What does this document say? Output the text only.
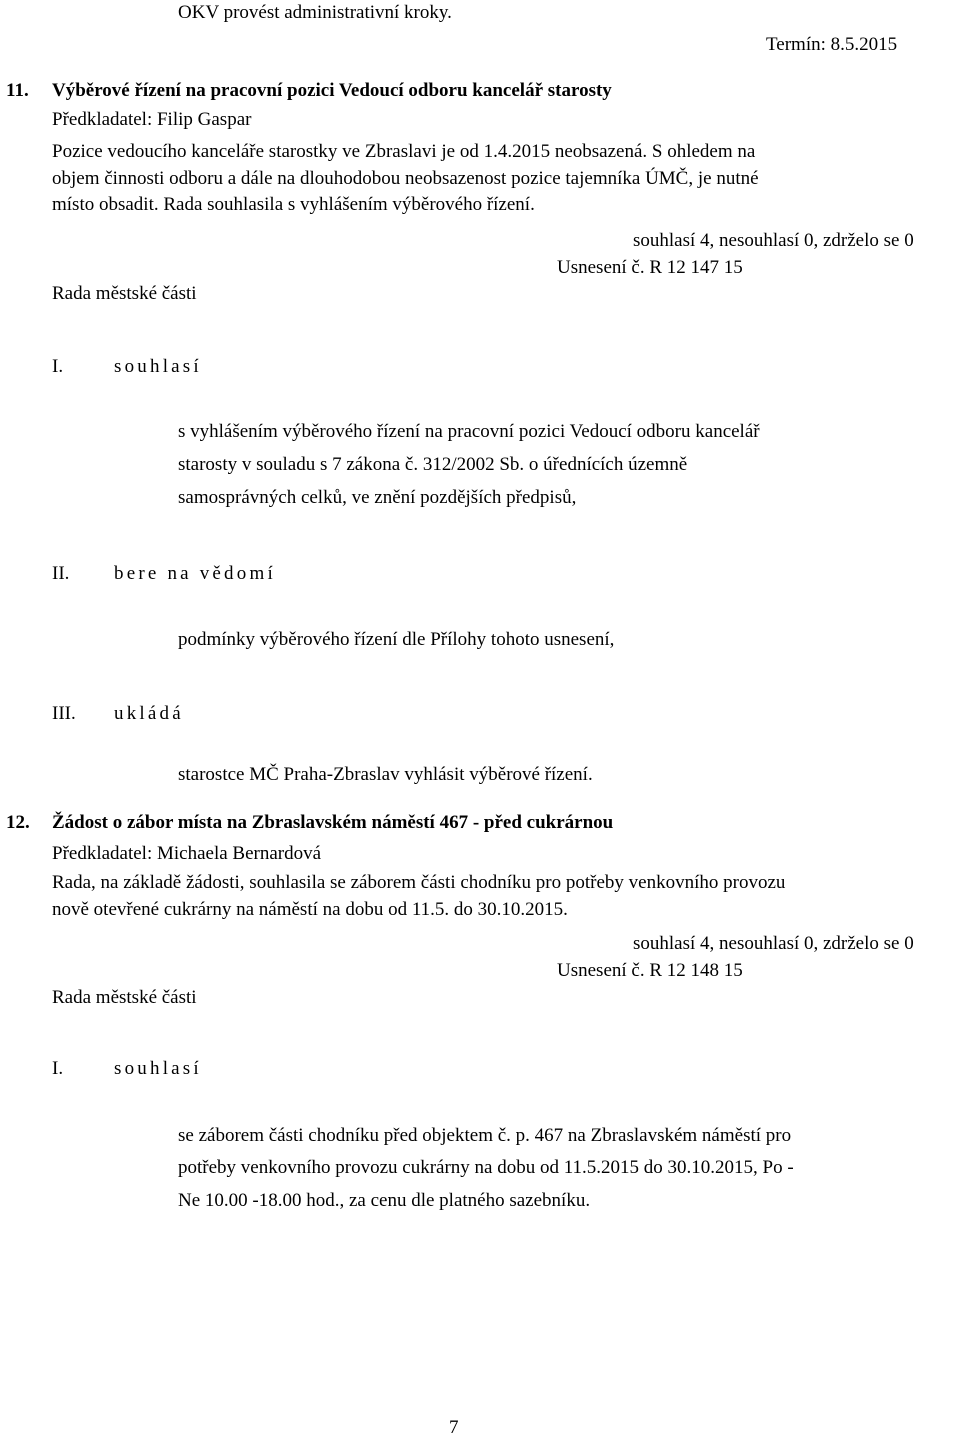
OKV provést administrativní kroky.
Termín: 8.5.2015
11. Výběrové řízení na pracovní pozici Vedoucí odboru kancelář starosty
Předkladatel: Filip Gaspar
Pozice vedoucího kanceláře starostky ve Zbraslavi je od 1.4.2015 neobsazená. S ohledem na
objem činnosti odboru a dále na dlouhodobou neobsazenost pozice tajemníka ÚMČ, je nutné
místo obsadit. Rada souhlasila s vyhlášením výběrového řízení.
souhlasí 4, nesouhlasí 0, zdrželo se 0
Usnesení č. R 12 147 15
Rada městské části
I.	souhlasí
s vyhlášením výběrového řízení na pracovní pozici Vedoucí odboru kancelář
starosty v souladu s 7 zákona č. 312/2002 Sb. o úřednících územně
samosprávných celků, ve znění pozdějších předpisů,
II. bere na vědomí
podmínky výběrového řízení dle Přílohy tohoto usnesení,
III. ukládá
starostce MČ Praha-Zbraslav vyhlásit výběrové řízení.
12. Žádost o zábor místa na Zbraslavském náměstí 467 - před cukrárnou
Předkladatel: Michaela Bernardová
Rada, na základě žádosti, souhlasila se záborem části chodníku pro potřeby venkovního provozu
nově otevřené cukrárny na náměstí na dobu od 11.5. do 30.10.2015.
souhlasí 4, nesouhlasí 0, zdrželo se 0
Usnesení č. R 12 148 15
Rada městské části
I.	souhlasí
se záborem části chodníku před objektem č. p. 467 na Zbraslavském náměstí pro
potřeby venkovního provozu cukrárny na dobu od 11.5.2015 do 30.10.2015, Po -
Ne 10.00 -18.00 hod., za cenu dle platného sazebníku.
7
